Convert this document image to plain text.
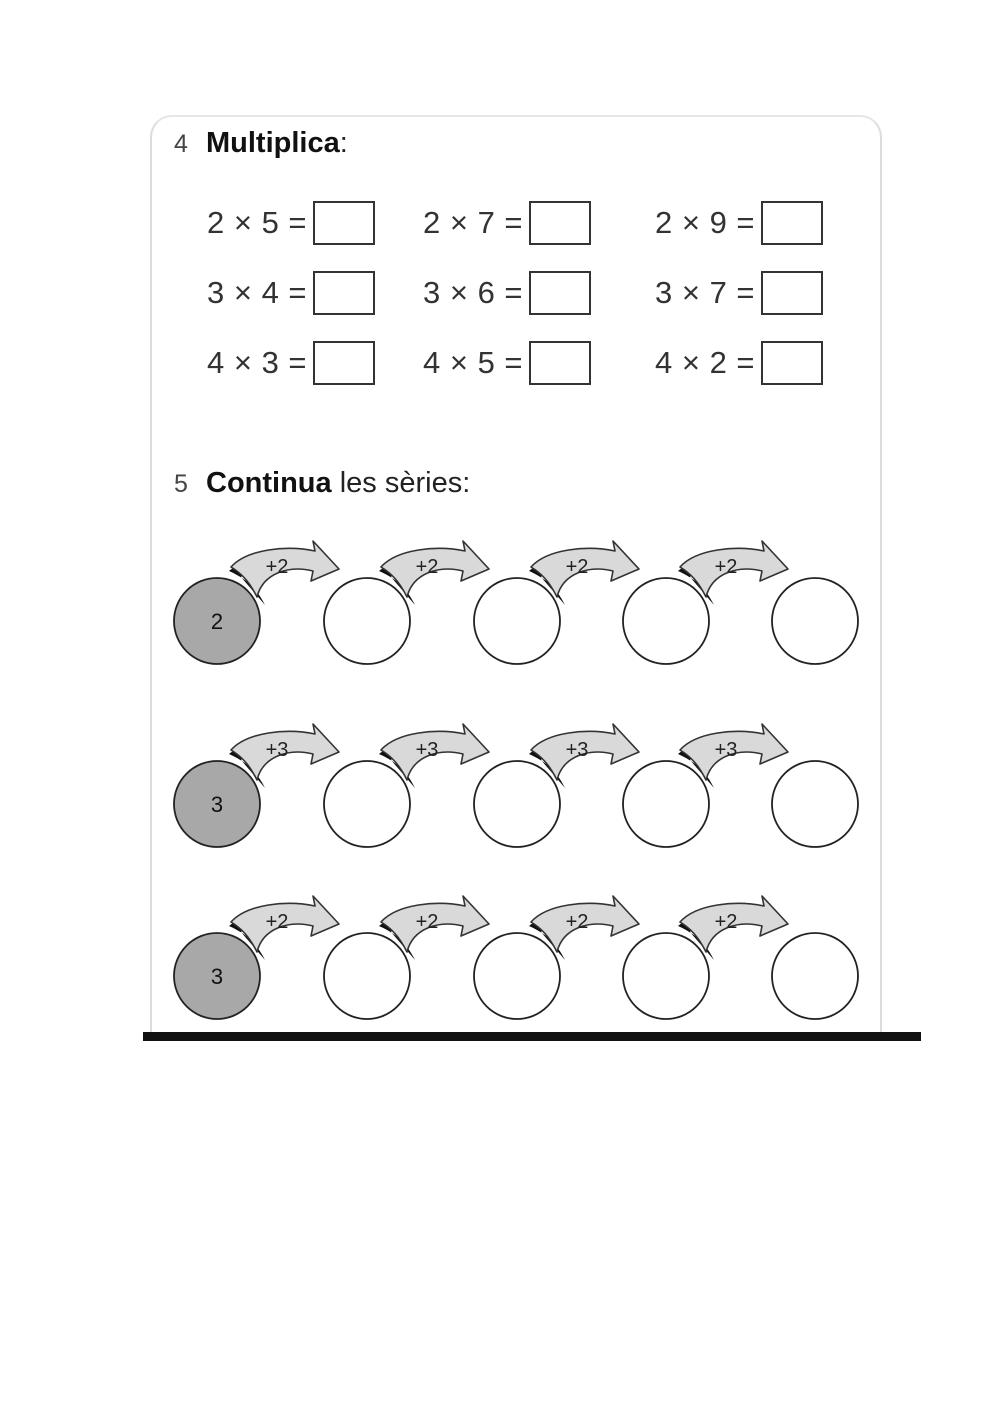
4 Multiplica:
2 × 5 =	2 × 7 =	2 × 9 =
3 × 4 =	3 × 6 =	3 × 7 =
4 × 3 =	4 × 5 =	4 × 2 =
5 Continua les sèries:
+2	+2	+2	+2
2
+3	+3	+3	+3
3
+2	+2	+2	+2
3
